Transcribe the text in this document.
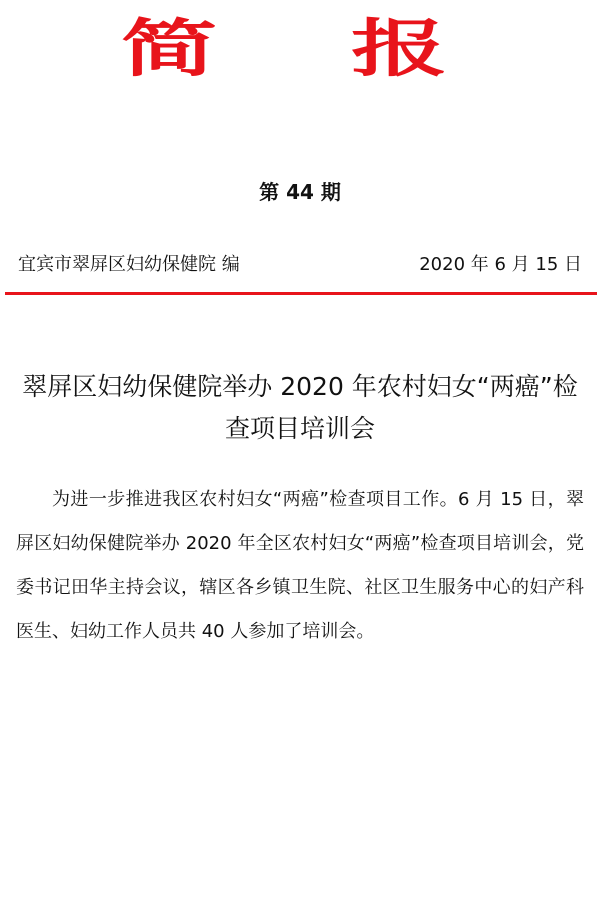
简 报
第 44 期
宜宾市翠屏区妇幼保健院 编	2020 年 6 月 15 日
翠屏区妇幼保健院举办 2020 年农村妇女“两癌”检查项目培训会

为进一步推进我区农村妇女“两癌”检查项目工作。6 月 15 日，翠屏区妇幼保健院举办 2020 年全区农村妇女“两癌”检查项目培训会，党委书记田华主持会议，辖区各乡镇卫生院、社区卫生服务中心的妇产科医生、妇幼工作人员共 40 人参加了培训会。
